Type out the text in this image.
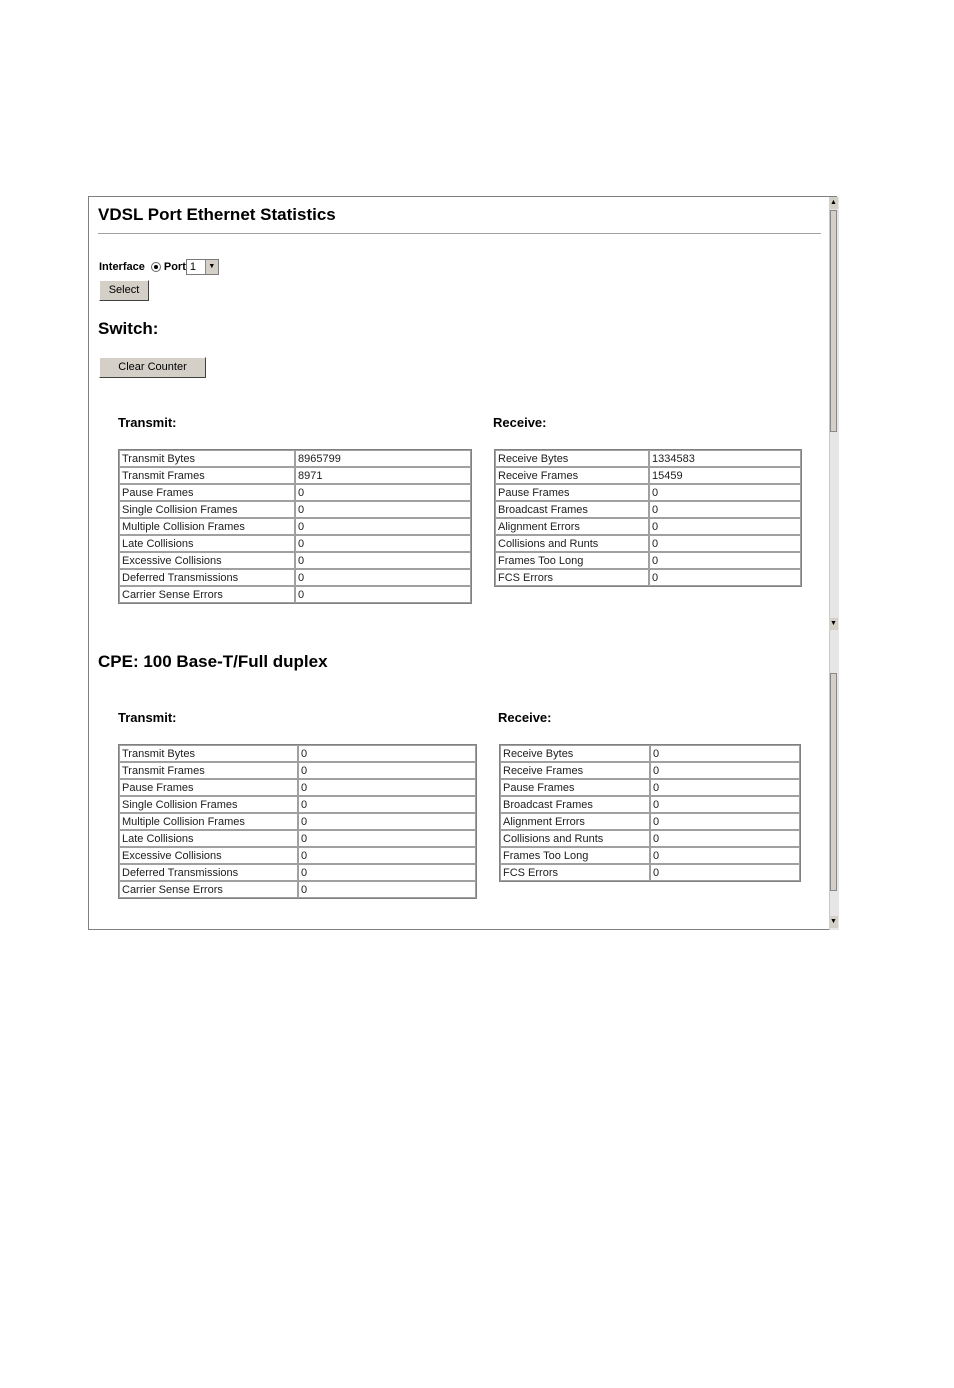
▲
▼
▼
VDSL Port Ethernet Statistics
Interface Port 1	▼
Select
Switch:
Clear Counter
Transmit:	Receive:
Transmit Bytes	8965799
Transmit Frames	8971
Pause Frames	0
Single Collision Frames	0
Multiple Collision Frames	0
Late Collisions	0
Excessive Collisions	0
Deferred Transmissions	0
Carrier Sense Errors	0
Receive Bytes	1334583
Receive Frames	15459
Pause Frames	0
Broadcast Frames	0
Alignment Errors	0
Collisions and Runts	0
Frames Too Long	0
FCS Errors	0
CPE: 100 Base-T/Full duplex
Transmit:	Receive:
Transmit Bytes	0
Transmit Frames	0
Pause Frames	0
Single Collision Frames	0
Multiple Collision Frames	0
Late Collisions	0
Excessive Collisions	0
Deferred Transmissions	0
Carrier Sense Errors	0
Receive Bytes	0
Receive Frames	0
Pause Frames	0
Broadcast Frames	0
Alignment Errors	0
Collisions and Runts	0
Frames Too Long	0
FCS Errors	0
